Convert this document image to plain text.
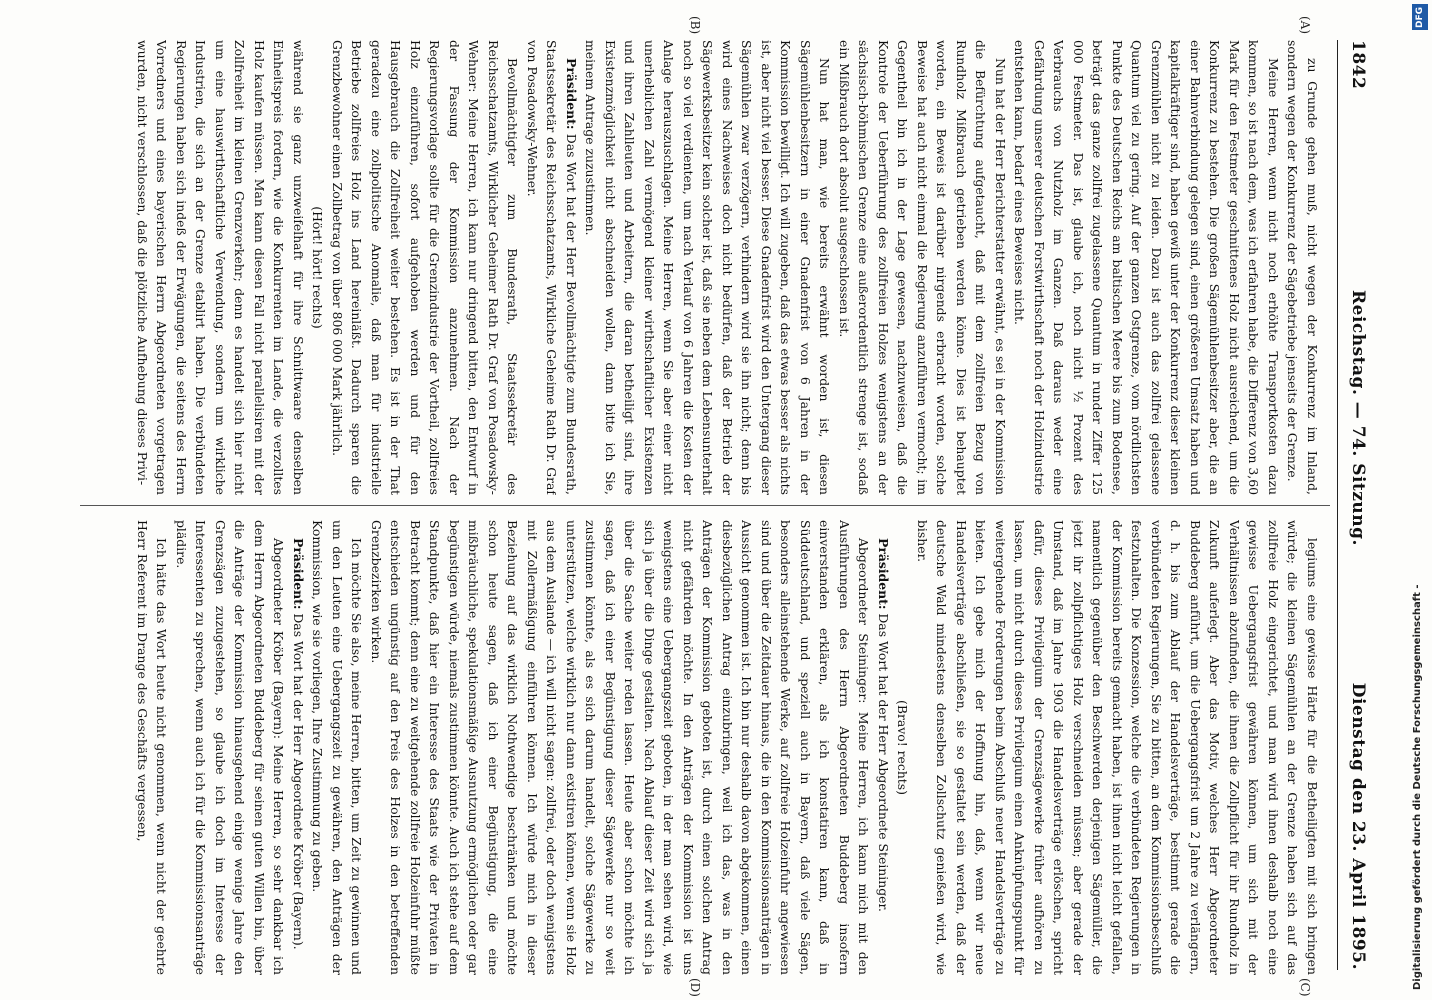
1842
Reichstag. — 74. Sitzung.
Dienstag den 23. April 1895.
(A)
(B)
(C)
(D)

zu Grunde gehen muß, nicht wegen der Konkurrenz im Inland, sondern wegen der Konkurrenz der Sägebetriebe jenseits der Grenze.

Meine Herren, wenn nicht noch erhöhte Transportkosten dazu kommen, so ist nach dem, was ich erfahren habe, die Differenz von 3,60 Mark für den Festmeter geschnittenes Holz nicht ausreichend, um die Konkurrenz zu bestehen. Die großen Sägemühlenbesitzer aber, die an einer Bahnverbindung gelegen sind, einen größeren Umsatz haben und kapitalkräftiger sind, haben gewiß unter der Konkurrenz dieser kleinen Grenzmühlen nicht zu leiden. Dazu ist auch das zollfrei gelassene Quantum viel zu gering. Auf der ganzen Ostgrenze, vom nördlichsten Punkte des Deutschen Reichs am baltischen Meere bis zum Bodensee, beträgt das ganze zollfrei zugelassene Quantum in runder Ziffer 125 000 Festmeter. Das ist, glaube ich, noch nicht ½ Prozent des Verbrauchs von Nutzholz im Ganzen. Daß daraus weder eine Gefährdung unserer deutschen Forstwirthschaft noch der Holzindustrie entstehen kann, bedarf eines Beweises nicht.

Nun hat der Herr Berichterstatter erwähnt, es sei in der Kommission die Befürchtung aufgetaucht, daß mit dem zollfreien Bezug von Rundholz Mißbrauch getrieben werden könne. Dies ist behauptet worden, ein Beweis ist darüber nirgends erbracht worden, solche Beweise hat auch nicht einmal die Regierung anzuführen vermocht; im Gegentheil bin ich in der Lage gewesen, nachzuweisen, daß die Kontrole der Ueberführung des zollfreien Holzes wenigstens an der sächsisch-böhmischen Grenze eine außerordentlich strenge ist, sodaß ein Mißbrauch dort absolut ausgeschlossen ist.

Nun hat man, wie bereits erwähnt worden ist, diesen Sägemühlenbesitzern in einer Gnadenfrist von 6 Jahren in der Kommission bewilligt. Ich will zugeben, daß das etwas besser als nichts ist, aber nicht viel besser. Diese Gnadenfrist wird den Untergang dieser Sägemühlen zwar verzögern, verhindern wird sie ihn nicht; denn bis wird eines Nachweises doch nicht bedürfen, daß der Betrieb der Sägewerksbesitzer kein solcher ist, daß sie neben dem Lebensunterhalt noch so viel verdienten, um nach Verlauf von 6 Jahren die Kosten der Anlage herauszuschlagen. Meine Herren, wenn Sie aber einer nicht unerheblichen Zahl vermögend kleiner wirthschaftlicher Existenzen und ihren Zahlleuten und Arbeitern, die daran betheiligt sind, ihre Existenzmöglichkeit nicht abschneiden wollen, dann bitte ich Sie, meinem Antrage zuzustimmen.

Präsident: Das Wort hat der Herr Bevollmächtigte zum Bundesrath, Staatssekretär des Reichsschatzamts, Wirkliche Geheime Rath Dr. Graf von Posadowsky-Wehner.

Bevollmächtigter zum Bundesrath, Staatssekretär des Reichsschatzamts, Wirklicher Geheimer Rath Dr. Graf von Posadowsky-Wehner: Meine Herren, ich kann nur dringend bitten, den Entwurf in der Fassung der Kommission anzunehmen. Nach der Regierungsvorlage sollte für die Grenzindustrie der Vortheil, zollfreies Holz einzuführen, sofort aufgehoben werden und für den Hausgebrauch die Zollfreiheit weiter bestehen. Es ist in der That geradezu eine zollpolitische Anomalie, daß man für industrielle Betriebe zollfreies Holz ins Land hereinläßt. Dadurch sparen die Grenzbewohner einen Zollbetrag von über 806 000 Mark jährlich.

(Hört! hört! rechts)

während sie ganz unzweifelhaft für ihre Schnittwaare denselben Einheitspreis fordern, wie die Konkurrenten im Lande, die verzolltes Holz kaufen müssen. Man kann diesen Fall nicht parallelisiren mit der Zollfreiheit im kleinen Grenzverkehr; denn es handelt sich hier nicht um eine hauswirthschaftliche Verwendung, sondern um wirkliche Industrien, die sich an der Grenze etablirt haben. Die verbündeten Regierungen haben sich indeß der Erwägungen, die seitens des Herrn Vorredners und eines bayerischen Herrn Abgeordneten vorgetragen wurden, nicht verschlossen, daß die plötzliche Aufhebung dieses Privi-

legiums eine gewisse Härte für die Betheiligten mit sich bringen würde; die kleinen Sägemühlen an der Grenze haben sich auf das zollfreie Holz eingerichtet, und man wird ihnen deshalb noch eine gewisse Uebergangsfrist gewähren können, um sich mit der Verhältnissen abzufinden, die ihnen die Zollpflicht für ihr Rundholz in Zukunft auferlegt. Aber das Motiv, welches Herr Abgeordneter Buddeberg anführt, um die Uebergangsfrist um 2 Jahre zu verlängern, d. h. bis zum Ablauf der Handelsverträge, bestimmt gerade die verbündeten Regierungen, Sie zu bitten, an dem Kommissionsbeschluß festzuhalten. Die Konzession, welche die verbündeten Regierungen in der Kommission bereits gemacht haben, ist ihnen nicht leicht gefallen, namentlich gegenüber den Beschwerden derjenigen Sägemüller, die jetzt ihr zollpflichtiges Holz verschneiden müssen; aber gerade der Umstand, daß im Jahre 1903 die Handelsverträge erlöschen, spricht dafür, dieses Privilegium der Grenzsägewerke früher aufhören zu lassen, um nicht durch dieses Privilegium einen Anknüpfungspunkt für weitergehende Forderungen beim Abschluß neuer Handelsverträge zu bieten. Ich gebe mich der Hoffnung hin, daß, wenn wir neue Handelsverträge abschließen, sie so gestaltet sein werden, daß der deutsche Wald mindestens denselben Zollschutz genießen wird, wie bisher.

(Bravo! rechts)

Präsident: Das Wort hat der Herr Abgeordnete Steininger.

Abgeordneter Steininger: Meine Herren, ich kann mich mit den Ausführungen des Herrn Abgeordneten Buddeberg insofern einverstanden erklären, als ich konstatiren kann, daß in Süddeutschland, und speziell auch in Bayern, daß viele Sägen, besonders alleinstehende Werke, auf zollfreie Holzeinfuhr angewiesen sind und über die Zeitdauer hinaus, die in den Kommissionsanträgen in Aussicht genommen ist. Ich bin nur deshalb davon abgekommen, einen diesbezüglichen Antrag einzubringen, weil ich das, was in den Anträgen der Kommission geboten ist, durch einen solchen Antrag nicht gefährden möchte. In den Anträgen der Kommission ist uns wenigstens eine Uebergangszeit geboten, in der man sehen wird, wie sich ja über die Dinge gestalten. Nach Ablauf dieser Zeit wird sich ja über die Sache weiter reden lassen. Heute aber schon möchte ich sagen, daß ich einer Begünstigung dieser Sägewerke nur so weit zustimmen könnte, als es sich darum handelt, solche Sägewerke zu unterstützen, welche wirklich nur dann existiren können, wenn sie Holz aus dem Auslande — ich will nicht sagen: zollfrei, oder doch wenigstens mit Zollermäßigung einführen können. Ich würde mich in dieser Beziehung auf das wirklich Nothwendige beschränken und möchte schon heute sagen, daß ich einer Begünstigung, die eine mißbräuchliche, spekulationsmäßige Ausnutzung ermöglichen oder gar begünstigen würde, niemals zustimmen könnte. Auch ich stehe auf dem Standpunkte, daß hier ein Interesse des Staats wie der Privaten in Betracht kommt; denn eine zu weitgehende zollfreie Holzeinfuhr müßte entschieden ungünstig auf den Preis des Holzes in den betreffenden Grenzbezirken wirken.

Ich möchte Sie also, meine Herren, bitten, um Zeit zu gewinnen und um den Leuten eine Uebergangszeit zu gewähren, den Anträgen der Kommission, wie sie vorliegen, Ihre Zustimmung zu geben.

Präsident: Das Wort hat der Herr Abgeordnete Kröber (Bayern).

Abgeordneter Kröber (Bayern): Meine Herren, so sehr dankbar ich dem Herrn Abgeordneten Buddeberg für seinen guten Willen bin, über die Anträge der Kommission hinausgehend einige wenige Jahre den Grenzsägen zuzugestehen, so glaube ich doch im Interesse der Interessenten zu sprechen, wenn auch ich für die Kommissionsanträge plädire.

Ich hätte das Wort heute nicht genommen, wenn nicht der geehrte Herr Referent im Drange des Geschäfts vergessen,

DFG
Digitalisierung gefördert durch die Deutsche Forschungsgemeinschaft -
